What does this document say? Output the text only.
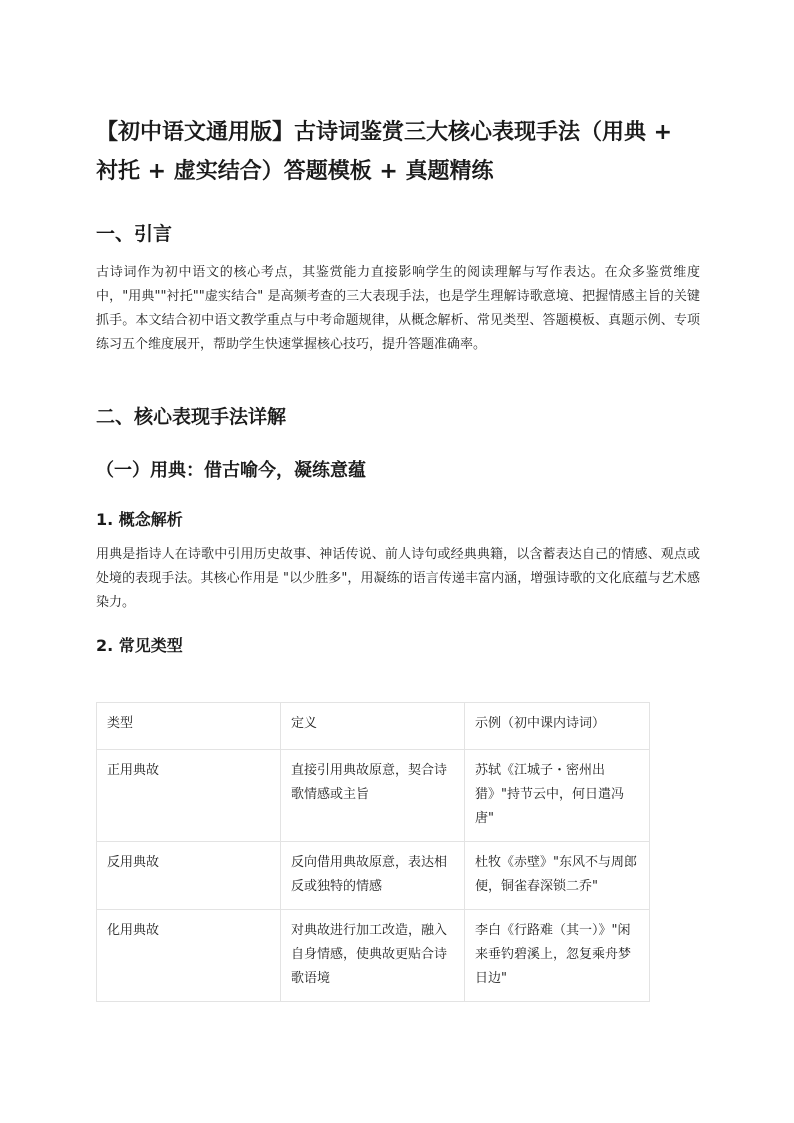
【初中语文通用版】古诗词鉴赏三大核心表现手法（用典 + 衬托 + 虚实结合）答题模板 + 真题精练
一、引言

古诗词作为初中语文的核心考点，其鉴赏能力直接影响学生的阅读理解与写作表达。在众多鉴赏维度中，"用典""衬托""虚实结合" 是高频考查的三大表现手法，也是学生理解诗歌意境、把握情感主旨的关键抓手。本文结合初中语文教学重点与中考命题规律，从概念解析、常见类型、答题模板、真题示例、专项练习五个维度展开，帮助学生快速掌握核心技巧，提升答题准确率。

二、核心表现手法详解
（一）用典：借古喻今，凝练意蕴
1. 概念解析

用典是指诗人在诗歌中引用历史故事、神话传说、前人诗句或经典典籍，以含蓄表达自己的情感、观点或处境的表现手法。其核心作用是 "以少胜多"，用凝练的语言传递丰富内涵，增强诗歌的文化底蕴与艺术感染力。

2. 常见类型
类型	定义	示例（初中课内诗词）
正用典故	直接引用典故原意，契合诗歌情感或主旨	苏轼《江城子・密州出猎》"持节云中，何日遣冯唐"
反用典故	反向借用典故原意，表达相反或独特的情感	杜牧《赤壁》"东风不与周郎便，铜雀春深锁二乔"
化用典故	对典故进行加工改造，融入自身情感，使典故更贴合诗歌语境	李白《行路难（其一）》"闲来垂钓碧溪上，忽复乘舟梦日边"
